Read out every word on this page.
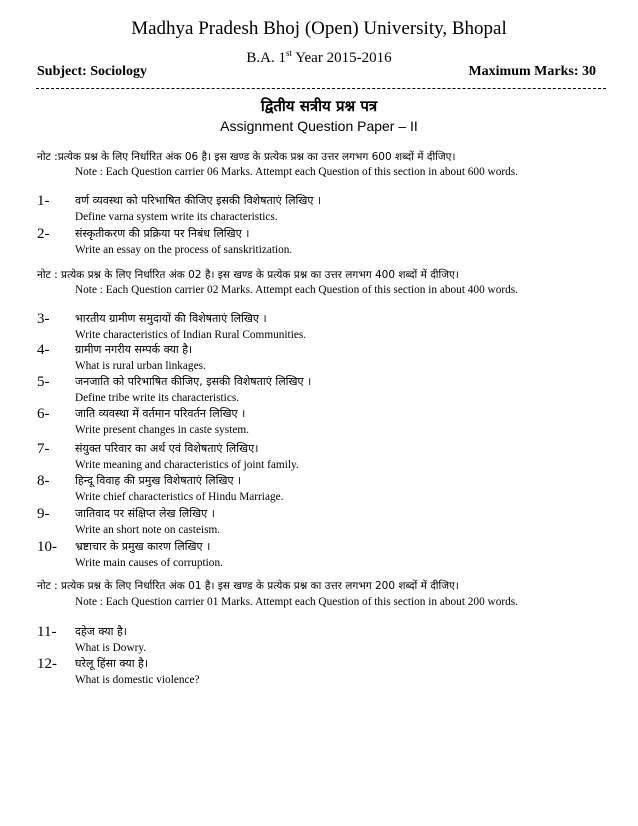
Madhya Pradesh Bhoj (Open) University, Bhopal
B.A. 1st Year 2015-2016
Subject: Sociology	Maximum Marks: 30
द्वितीय सत्रीय प्रश्न पत्र
Assignment Question Paper – II
नोट :प्रत्येक प्रश्न के लिए निर्धारित अंक 06 है। इस खण्ड के प्रत्येक प्रश्न का उत्तर लगभग 600 शब्दों में दीजिए।
Note : Each Question carrier 06 Marks. Attempt each Question of this section in about 600 words.
1- वर्ण व्यवस्था को परिभाषित कीजिए इसकी विशेषताएं लिखिए ।
Define varna system write its characteristics.
2- संस्कृतीकरण की प्रक्रिया पर निबंध लिखिए ।
Write an essay on the process of sanskritization.
नोट : प्रत्येक प्रश्न के लिए निर्धारित अंक 02 है। इस खण्ड के प्रत्येक प्रश्न का उत्तर लगभग 400 शब्दों में दीजिए।
Note : Each Question carrier 02 Marks. Attempt each Question of this section in about 400 words.
3- भारतीय ग्रामीण समुदायों की विशेषताएं लिखिए ।
Write characteristics of Indian Rural Communities.
4- ग्रामीण नगरीय सम्पर्क क्या है।
What is rural urban linkages.
5- जनजाति को परिभाषित कीजिए, इसकी विशेषताएं लिखिए ।
Define tribe write its characteristics.
6- जाति व्यवस्था में वर्तमान परिवर्तन लिखिए ।
Write present changes in caste system.
7- संयुक्त परिवार का अर्थ एवं विशेषताएं लिखिए।
Write meaning and characteristics of joint family.
8- हिन्दू विवाह की प्रमुख विशेषताएं लिखिए ।
Write chief characteristics of Hindu Marriage.
9- जातिवाद पर संक्षिप्त लेख लिखिए ।
Write an short note on casteism.
10- भ्रष्टाचार के प्रमुख कारण लिखिए ।
Write main causes of corruption.
नोट : प्रत्येक प्रश्न के लिए निर्धारित अंक 01 है। इस खण्ड के प्रत्येक प्रश्न का उत्तर लगभग 200 शब्दों में दीजिए।
Note : Each Question carrier 01 Marks. Attempt each Question of this section in about 200 words.
11- दहेज क्या है।
What is Dowry.
12- घरेलू हिंसा क्या है।
What is domestic violence?
